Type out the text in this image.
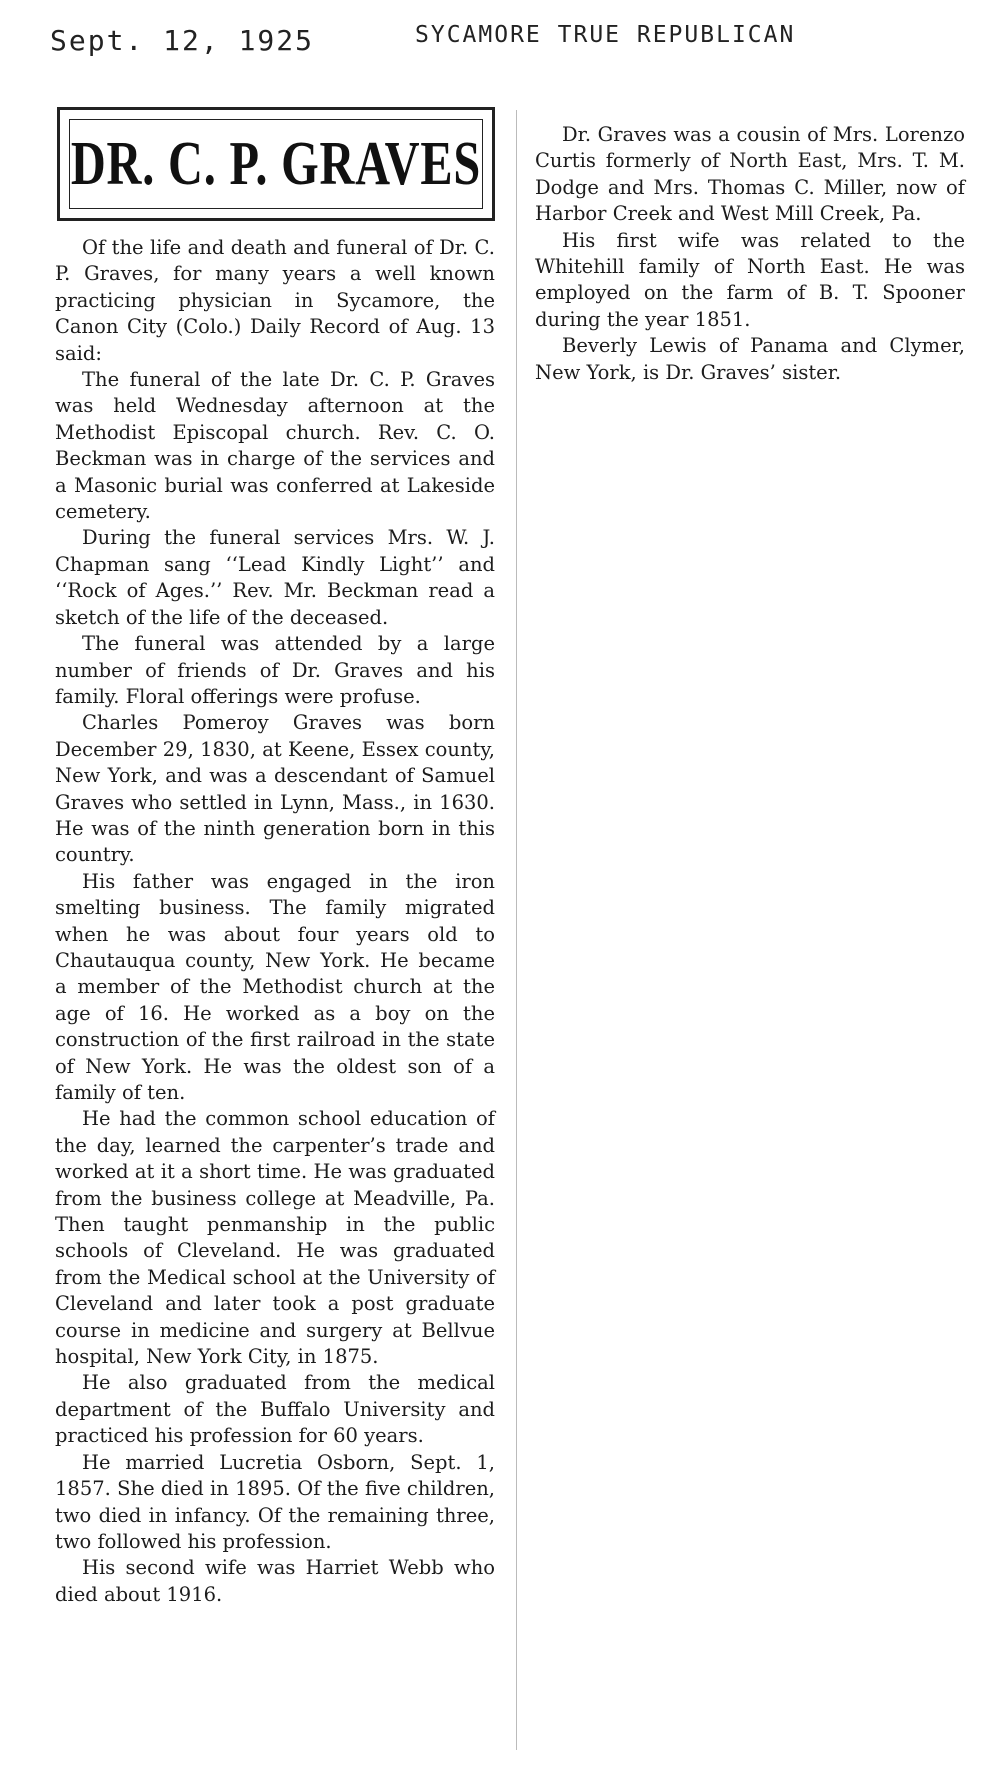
Sept. 12, 1925	SYCAMORE TRUE REPUBLICAN

DR. C. P. GRAVES

Of the life and death and funeral of Dr. C. P. Graves, for many years a well known practicing physician in Sycamore, the Canon City (Colo.) Daily Record of Aug. 13 said:

The funeral of the late Dr. C. P. Graves was held Wednesday afternoon at the Methodist Episcopal church. Rev. C. O. Beckman was in charge of the services and a Masonic burial was conferred at Lakeside cemetery.

During the funeral services Mrs. W. J. Chapman sang ‘‘Lead Kindly Light’’ and ‘‘Rock of Ages.’’ Rev. Mr. Beckman read a sketch of the life of the deceased.

The funeral was attended by a large number of friends of Dr. Graves and his family. Floral offerings were profuse.

Charles Pomeroy Graves was born December 29, 1830, at Keene, Essex county, New York, and was a descendant of Samuel Graves who settled in Lynn, Mass., in 1630. He was of the ninth generation born in this country.

His father was engaged in the iron smelting business. The family migrated when he was about four years old to Chautauqua county, New York. He became a member of the Methodist church at the age of 16. He worked as a boy on the construction of the first railroad in the state of New York. He was the oldest son of a family of ten.

He had the common school education of the day, learned the carpenter’s trade and worked at it a short time. He was graduated from the business college at Meadville, Pa. Then taught penmanship in the public schools of Cleveland. He was graduated from the Medical school at the University of Cleveland and later took a post graduate course in medicine and surgery at Bellvue hospital, New York City, in 1875.

He also graduated from the medical department of the Buffalo University and practiced his profession for 60 years.

He married Lucretia Osborn, Sept. 1, 1857. She died in 1895. Of the five children, two died in infancy. Of the remaining three, two followed his profession.

His second wife was Harriet Webb who died about 1916.

Dr. Graves was a cousin of Mrs. Lorenzo Curtis formerly of North East, Mrs. T. M. Dodge and Mrs. Thomas C. Miller, now of Harbor Creek and West Mill Creek, Pa.

His first wife was related to the Whitehill family of North East. He was employed on the farm of B. T. Spooner during the year 1851.

Beverly Lewis of Panama and Clymer, New York, is Dr. Graves’ sister.
